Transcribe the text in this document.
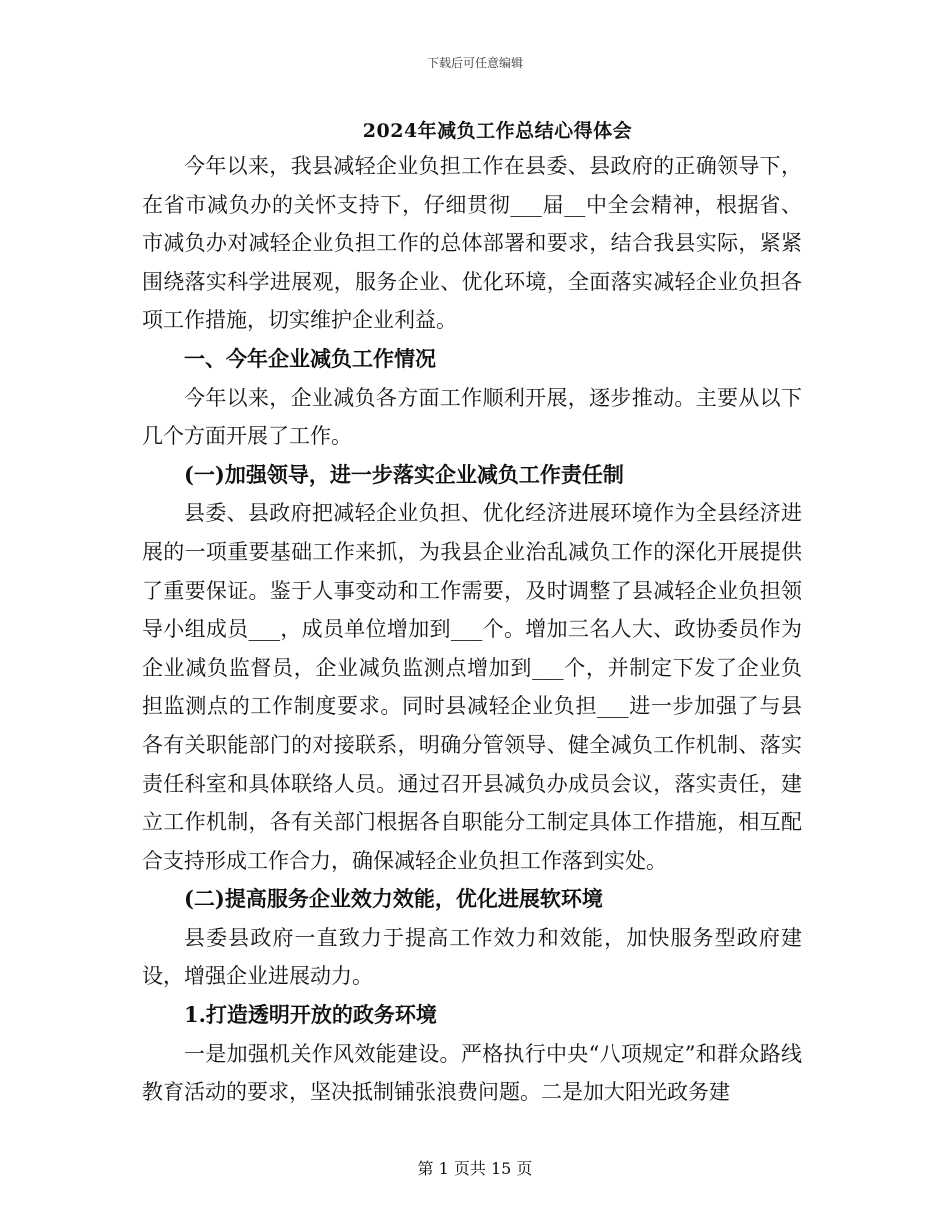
下载后可任意编辑
2024年减负工作总结心得体会

今年以来，我县减轻企业负担工作在县委、县政府的正确领导下，在省市减负办的关怀支持下，仔细贯彻___届__中全会精神，根据省、市减负办对减轻企业负担工作的总体部署和要求，结合我县实际，紧紧围绕落实科学进展观，服务企业、优化环境，全面落实减轻企业负担各项工作措施，切实维护企业利益。

一、今年企业减负工作情况

今年以来，企业减负各方面工作顺利开展，逐步推动。主要从以下几个方面开展了工作。

(一)加强领导，进一步落实企业减负工作责任制

县委、县政府把减轻企业负担、优化经济进展环境作为全县经济进展的一项重要基础工作来抓，为我县企业治乱减负工作的深化开展提供了重要保证。鉴于人事变动和工作需要，及时调整了县减轻企业负担领导小组成员___，成员单位增加到___个。增加三名人大、政协委员作为企业减负监督员，企业减负监测点增加到___个，并制定下发了企业负担监测点的工作制度要求。同时县减轻企业负担___进一步加强了与县各有关职能部门的对接联系，明确分管领导、健全减负工作机制、落实责任科室和具体联络人员。通过召开县减负办成员会议，落实责任，建立工作机制，各有关部门根据各自职能分工制定具体工作措施，相互配合支持形成工作合力，确保减轻企业负担工作落到实处。

(二)提高服务企业效力效能，优化进展软环境

县委县政府一直致力于提高工作效力和效能，加快服务型政府建设，增强企业进展动力。

1.打造透明开放的政务环境

一是加强机关作风效能建设。严格执行中央“八项规定”和群众路线教育活动的要求，坚决抵制铺张浪费问题。二是加大阳光政务建

第 1 页共 15 页
